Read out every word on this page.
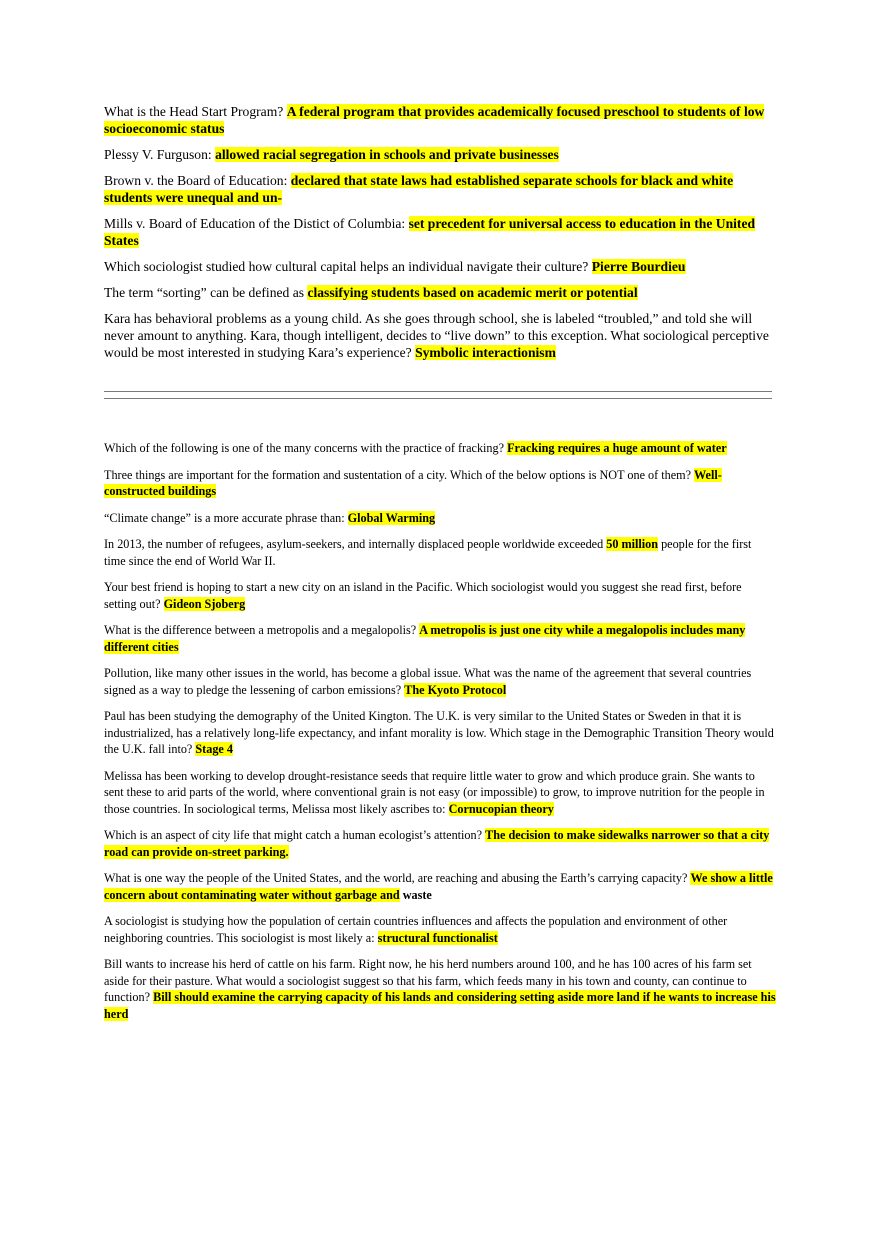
What is the Head Start Program? A federal program that provides academically focused preschool to students of low socioeconomic status

Plessy V. Furguson: allowed racial segregation in schools and private businesses

Brown v. the Board of Education: declared that state laws had established separate schools for black and white students were unequal and un-

Mills v. Board of Education of the Distict of Columbia: set precedent for universal access to education in the United States

Which sociologist studied how cultural capital helps an individual navigate their culture? Pierre Bourdieu

The term “sorting” can be defined as classifying students based on academic merit or potential

Kara has behavioral problems as a young child. As she goes through school, she is labeled “troubled,” and told she will never amount to anything. Kara, though intelligent, decides to “live down” to this exception. What sociological perceptive would be most interested in studying Kara’s experience? Symbolic interactionism

Which of the following is one of the many concerns with the practice of fracking? Fracking requires a huge amount of water

Three things are important for the formation and sustentation of a city. Which of the below options is NOT one of them? Well-constructed buildings

“Climate change” is a more accurate phrase than: Global Warming

In 2013, the number of refugees, asylum-seekers, and internally displaced people worldwide exceeded 50 million people for the first time since the end of World War II.

Your best friend is hoping to start a new city on an island in the Pacific. Which sociologist would you suggest she read first, before setting out? Gideon Sjoberg

What is the difference between a metropolis and a megalopolis? A metropolis is just one city while a megalopolis includes many different cities

Pollution, like many other issues in the world, has become a global issue. What was the name of the agreement that several countries signed as a way to pledge the lessening of carbon emissions? The Kyoto Protocol

Paul has been studying the demography of the United Kington. The U.K. is very similar to the United States or Sweden in that it is industrialized, has a relatively long-life expectancy, and infant morality is low. Which stage in the Demographic Transition Theory would the U.K. fall into? Stage 4

Melissa has been working to develop drought-resistance seeds that require little water to grow and which produce grain. She wants to sent these to arid parts of the world, where conventional grain is not easy (or impossible) to grow, to improve nutrition for the people in those countries. In sociological terms, Melissa most likely ascribes to: Cornucopian theory

Which is an aspect of city life that might catch a human ecologist’s attention? The decision to make sidewalks narrower so that a city road can provide on-street parking.

What is one way the people of the United States, and the world, are reaching and abusing the Earth’s carrying capacity? We show a little concern about contaminating water without garbage and waste

A sociologist is studying how the population of certain countries influences and affects the population and environment of other neighboring countries. This sociologist is most likely a: structural functionalist

Bill wants to increase his herd of cattle on his farm. Right now, he his herd numbers around 100, and he has 100 acres of his farm set aside for their pasture. What would a sociologist suggest so that his farm, which feeds many in his town and county, can continue to function? Bill should examine the carrying capacity of his lands and considering setting aside more land if he wants to increase his herd
